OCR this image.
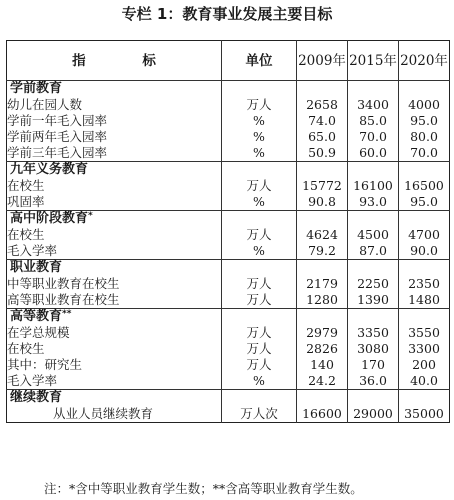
专栏 1：教育事业发展主要目标
指 标	单位	2009年	2015年	2020年
学前教育				
幼儿在园人数	万人	2658	3400	4000
学前一年毛入园率	%	74.0	85.0	95.0
学前两年毛入园率	%	65.0	70.0	80.0
学前三年毛入园率	%	50.9	60.0	70.0
九年义务教育				
在校生	万人	15772	16100	16500
巩固率	%	90.8	93.0	95.0
高中阶段教育*				
在校生	万人	4624	4500	4700
毛入学率	%	79.2	87.0	90.0
职业教育				
中等职业教育在校生	万人	2179	2250	2350
高等职业教育在校生	万人	1280	1390	1480
高等教育**				
在学总规模	万人	2979	3350	3550
在校生	万人	2826	3080	3300
其中：研究生	万人	140	170	200
毛入学率	%	24.2	36.0	40.0
继续教育				
从业人员继续教育	万人次	16600	29000	35000
注：*含中等职业教育学生数；**含高等职业教育学生数。
